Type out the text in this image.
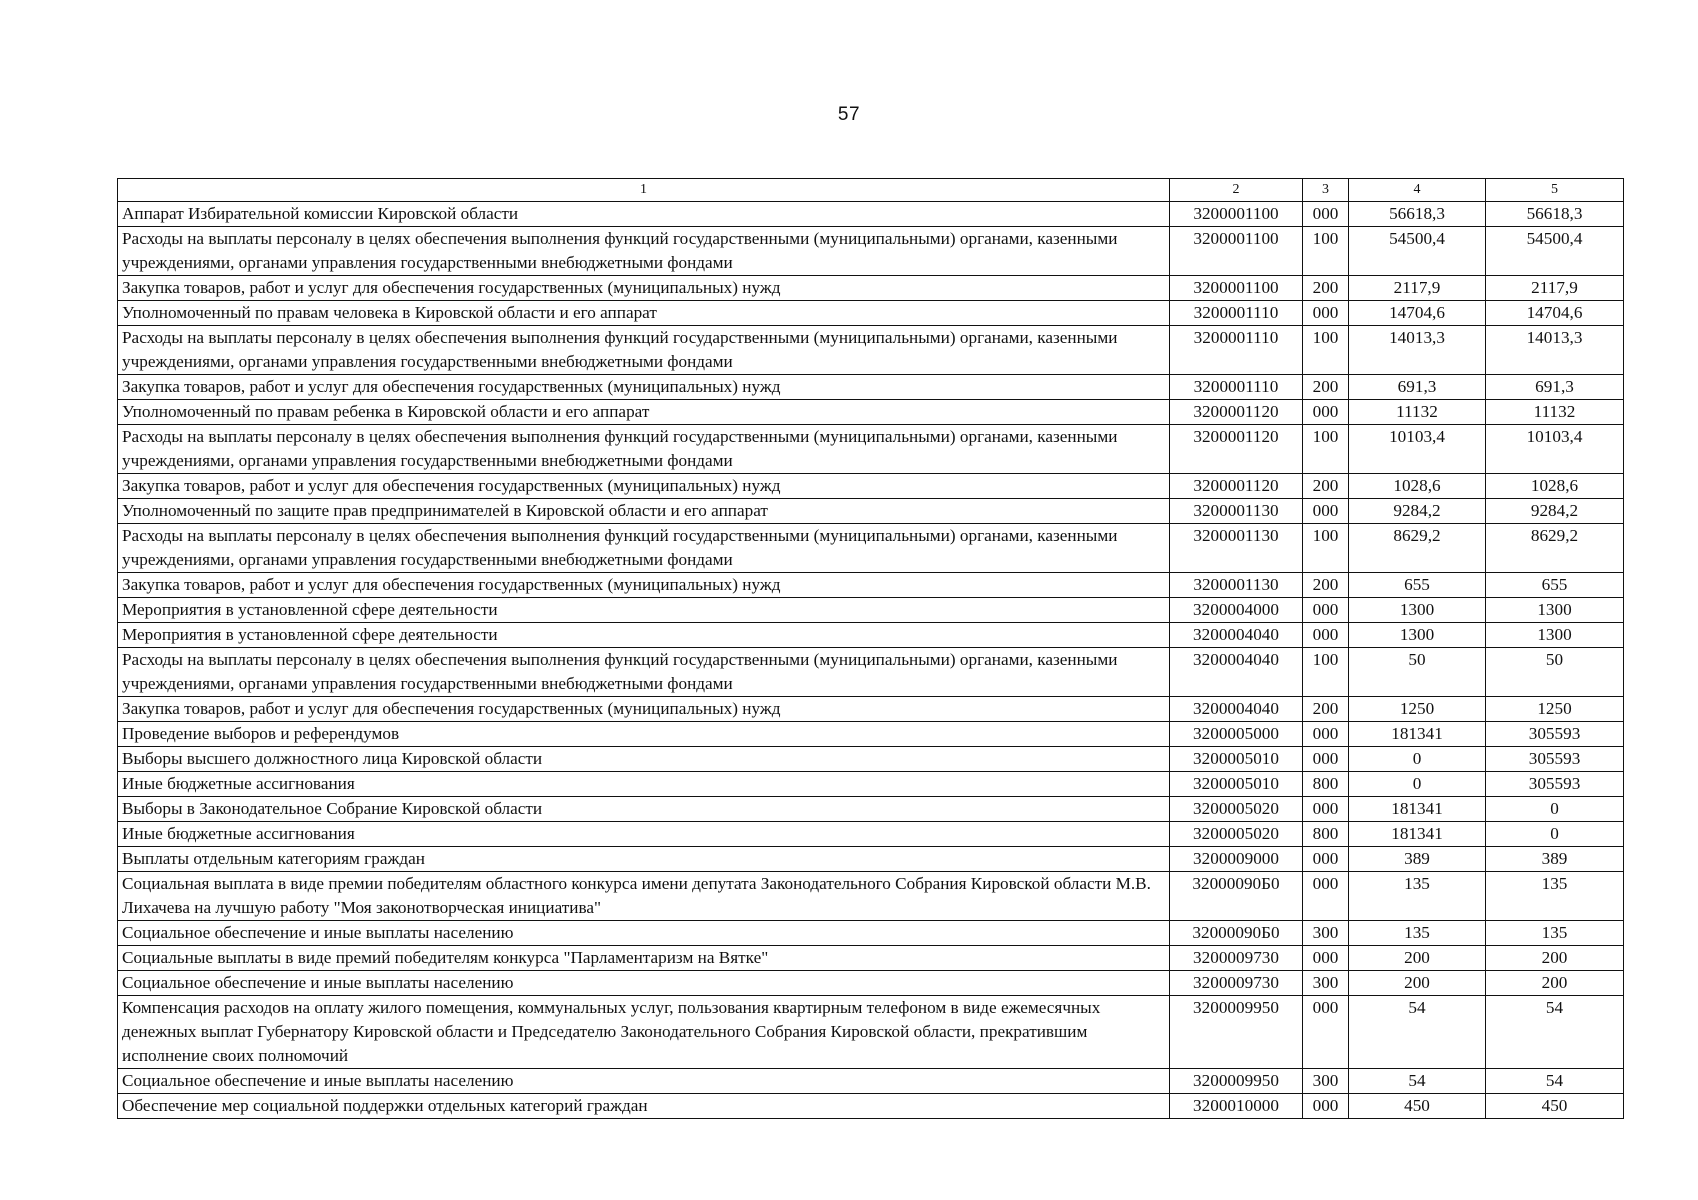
57
1	2	3	4	5
Аппарат Избирательной комиссии Кировской области	3200001100	000	56618,3	56618,3
Расходы на выплаты персоналу в целях обеспечения выполнения функций государственными (муниципальными) органами, казенными учреждениями, органами управления государственными внебюджетными фондами	3200001100	100	54500,4	54500,4
Закупка товаров, работ и услуг для обеспечения государственных (муниципальных) нужд	3200001100	200	2117,9	2117,9
Уполномоченный по правам человека в Кировской области и его аппарат	3200001110	000	14704,6	14704,6
Расходы на выплаты персоналу в целях обеспечения выполнения функций государственными (муниципальными) органами, казенными учреждениями, органами управления государственными внебюджетными фондами	3200001110	100	14013,3	14013,3
Закупка товаров, работ и услуг для обеспечения государственных (муниципальных) нужд	3200001110	200	691,3	691,3
Уполномоченный по правам ребенка в Кировской области и его аппарат	3200001120	000	11132	11132
Расходы на выплаты персоналу в целях обеспечения выполнения функций государственными (муниципальными) органами, казенными учреждениями, органами управления государственными внебюджетными фондами	3200001120	100	10103,4	10103,4
Закупка товаров, работ и услуг для обеспечения государственных (муниципальных) нужд	3200001120	200	1028,6	1028,6
Уполномоченный по защите прав предпринимателей в Кировской области и его аппарат	3200001130	000	9284,2	9284,2
Расходы на выплаты персоналу в целях обеспечения выполнения функций государственными (муниципальными) органами, казенными учреждениями, органами управления государственными внебюджетными фондами	3200001130	100	8629,2	8629,2
Закупка товаров, работ и услуг для обеспечения государственных (муниципальных) нужд	3200001130	200	655	655
Мероприятия в установленной сфере деятельности	3200004000	000	1300	1300
Мероприятия в установленной сфере деятельности	3200004040	000	1300	1300
Расходы на выплаты персоналу в целях обеспечения выполнения функций государственными (муниципальными) органами, казенными учреждениями, органами управления государственными внебюджетными фондами	3200004040	100	50	50
Закупка товаров, работ и услуг для обеспечения государственных (муниципальных) нужд	3200004040	200	1250	1250
Проведение выборов и референдумов	3200005000	000	181341	305593
Выборы высшего должностного лица Кировской области	3200005010	000	0	305593
Иные бюджетные ассигнования	3200005010	800	0	305593
Выборы в Законодательное Собрание Кировской области	3200005020	000	181341	0
Иные бюджетные ассигнования	3200005020	800	181341	0
Выплаты отдельным категориям граждан	3200009000	000	389	389
Социальная выплата в виде премии победителям областного конкурса имени депутата Законодательного Собрания Кировской области М.В. Лихачева на лучшую работу "Моя законотворческая инициатива"	32000090Б0	000	135	135
Социальное обеспечение и иные выплаты населению	32000090Б0	300	135	135
Социальные выплаты в виде премий победителям конкурса "Парламентаризм на Вятке"	3200009730	000	200	200
Социальное обеспечение и иные выплаты населению	3200009730	300	200	200
Компенсация расходов на оплату жилого помещения, коммунальных услуг, пользования квартирным телефоном в виде ежемесячных денежных выплат Губернатору Кировской области и Председателю Законодательного Собрания Кировской области, прекратившим исполнение своих полномочий	3200009950	000	54	54
Социальное обеспечение и иные выплаты населению	3200009950	300	54	54
Обеспечение мер социальной поддержки отдельных категорий граждан	3200010000	000	450	450
